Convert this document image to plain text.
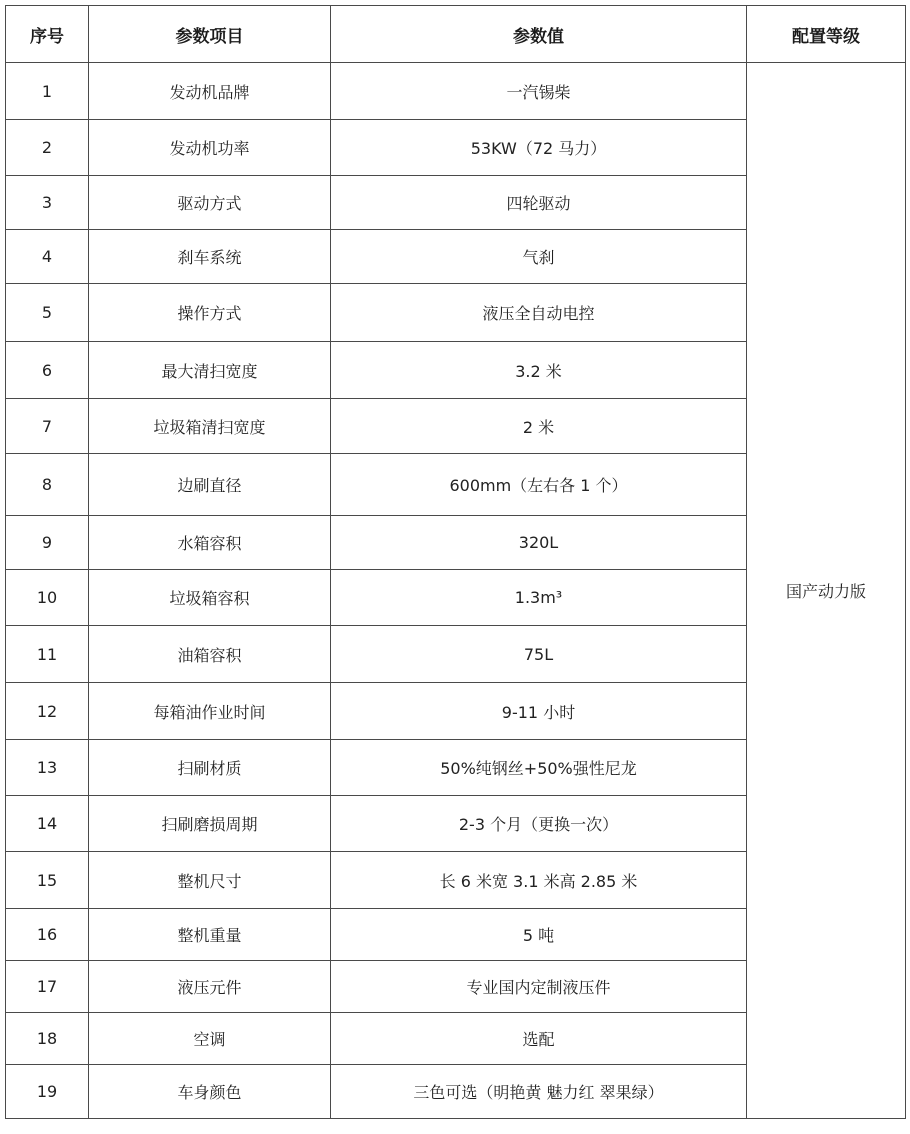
序号	参数项目	参数值	配置等级
1	发动机品牌	一汽锡柴	国产动力版
2	发动机功率	53KW（72 马力）	
3	驱动方式	四轮驱动	
4	刹车系统	气刹	
5	操作方式	液压全自动电控	
6	最大清扫宽度	3.2 米	
7	垃圾箱清扫宽度	2 米	
8	边刷直径	600mm（左右各 1 个）	
9	水箱容积	320L	
10	垃圾箱容积	1.3m³	
11	油箱容积	75L	
12	每箱油作业时间	9-11 小时	
13	扫刷材质	50%纯钢丝+50%强性尼龙	
14	扫刷磨损周期	2-3 个月（更换一次）	
15	整机尺寸	长 6 米宽 3.1 米高 2.85 米	
16	整机重量	5 吨	
17	液压元件	专业国内定制液压件	
18	空调	选配	
19	车身颜色	三色可选（明艳黄 魅力红 翠果绿）	
